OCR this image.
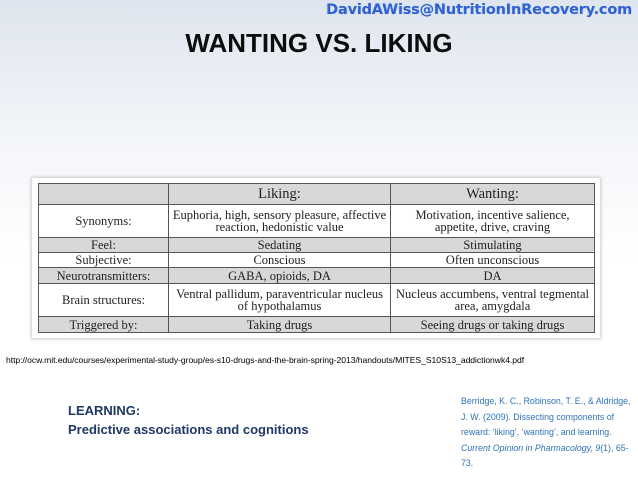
DavidAWiss@NutritionInRecovery.com
WANTING VS. LIKING
	Liking:	Wanting:
Synonyms:	Euphoria, high, sensory pleasure, affective reaction, hedonistic value	Motivation, incentive salience, appetite, drive, craving
Feel:	Sedating	Stimulating
Subjective:	Conscious	Often unconscious
Neurotransmitters:	GABA, opioids, DA	DA
Brain structures:	Ventral pallidum, paraventricular nucleus of hypothalamus	Nucleus accumbens, ventral tegmental area, amygdala
Triggered by:	Taking drugs	Seeing drugs or taking drugs
http://ocw.mit.edu/courses/experimental-study-group/es-s10-drugs-and-the-brain-spring-2013/handouts/MITES_S10S13_addictionwk4.pdf
LEARNING:
Predictive associations and cognitions
Berridge, K. C., Robinson, T. E., & Aldridge, J. W. (2009). Dissecting components of reward: ‘liking’, ‘wanting’, and learning. Current Opinion in Pharmacology, 9(1), 65-73.
